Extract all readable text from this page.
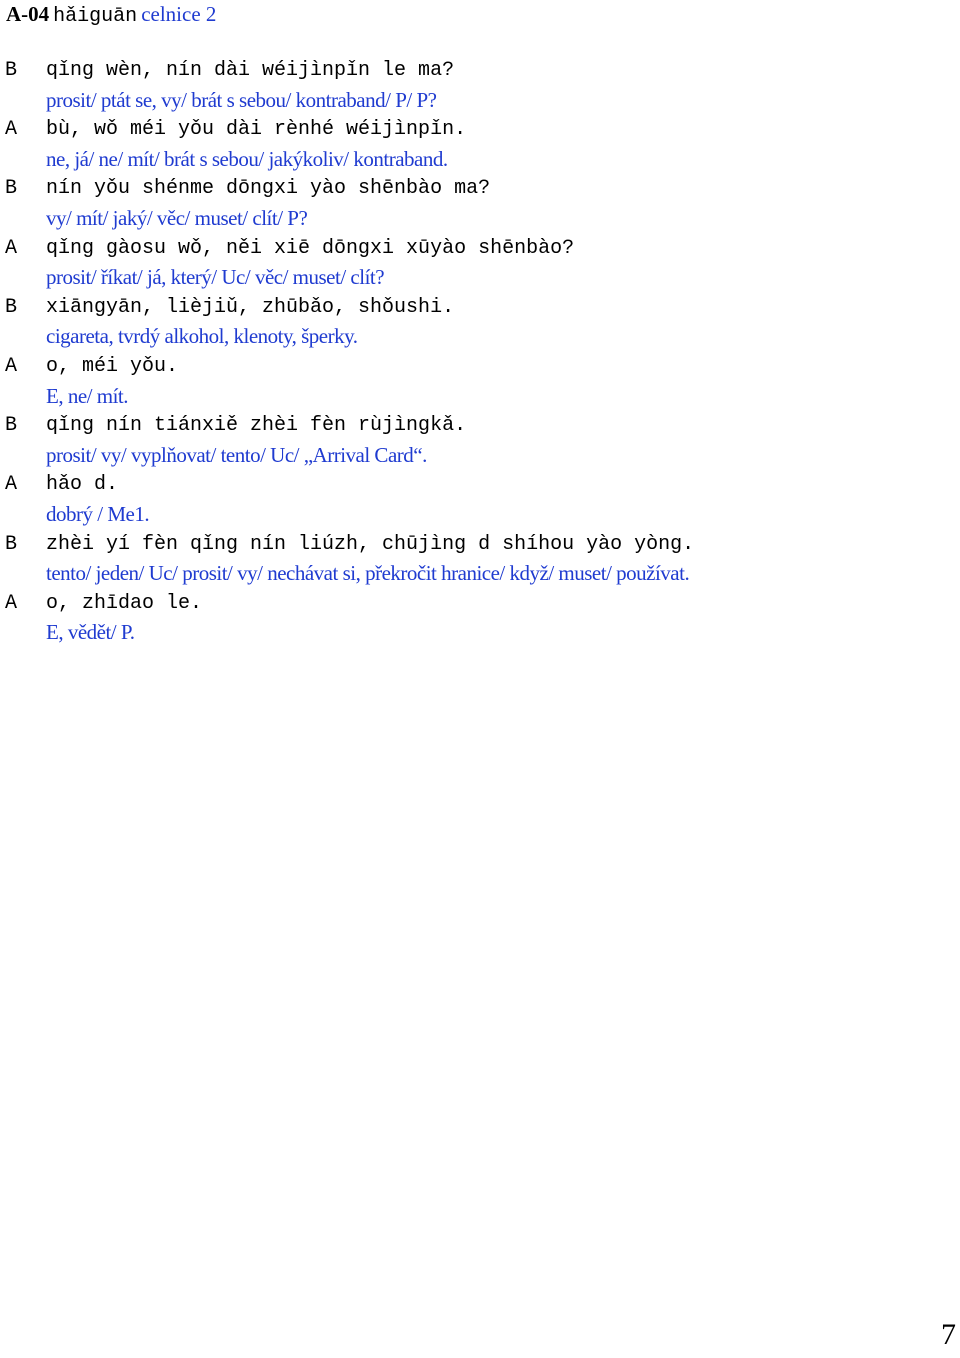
A-04 hǎiguān celnice 2
B qǐng wèn, nín dài wéijìnpǐn le ma?
prosit/ ptát se, vy/ brát s sebou/ kontraband/ P/ P?
A bù, wǒ méi yǒu dài rènhé wéijìnpǐn.
ne, já/ ne/ mít/ brát s sebou/ jakýkoliv/ kontraband.
B nín yǒu shénme dōngxi yào shēnbào ma?
vy/ mít/ jaký/ věc/ muset/ clít/ P?
A qǐng gàosu wǒ, něi xiē dōngxi xūyào shēnbào?
prosit/ říkat/ já, který/ Uc/ věc/ muset/ clít?
B xiāngyān, lièjiǔ, zhūbǎo, shǒushi.
cigareta, tvrdý alkohol, klenoty, šperky.
A o, méi yǒu.
E, ne/ mít.
B qǐng nín tiánxiě zhèi fèn rùjìngkǎ.
prosit/ vy/ vyplňovat/ tento/ Uc/ „Arrival Card“.
A hǎo d.
dobrý / Me1.
B zhèi yí fèn qǐng nín liúzh, chūjìng d shíhou yào yòng.
tento/ jeden/ Uc/ prosit/ vy/ nechávat si, překročit hranice/ když/ muset/ používat.
A o, zhīdao le.
E, vědět/ P.
7
